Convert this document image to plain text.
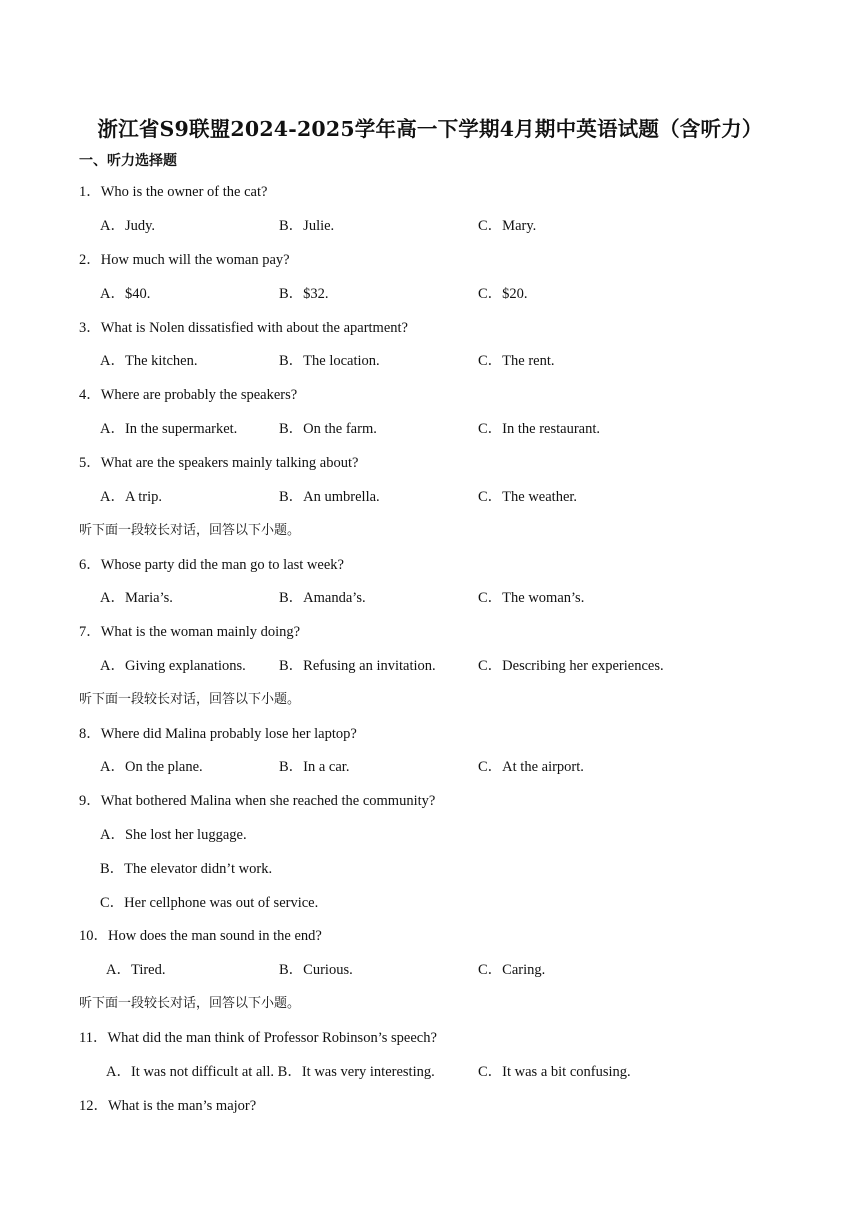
浙江省S9联盟2024-2025学年高一下学期4月期中英语试题（含听力）
一、听力选择题
1．Who is the owner of the cat?
A．Judy.	B．Julie.	C．Mary.
2．How much will the woman pay?
A．$40.	B．$32.	C．$20.
3．What is Nolen dissatisfied with about the apartment?
A．The kitchen.	B．The location.	C．The rent.
4．Where are probably the speakers?
A．In the supermarket.	B．On the farm.	C．In the restaurant.
5．What are the speakers mainly talking about?
A．A trip.	B．An umbrella.	C．The weather.
听下面一段较长对话，回答以下小题。
6．Whose party did the man go to last week?
A．Maria’s.	B．Amanda’s.	C．The woman’s.
7．What is the woman mainly doing?
A．Giving explanations. B．Refusing an invitation.	C．Describing her experiences.
听下面一段较长对话，回答以下小题。
8．Where did Malina probably lose her laptop?
A．On the plane.	B．In a car.	C．At the airport.
9．What bothered Malina when she reached the community?
A．She lost her luggage.
B．The elevator didn’t work.
C．Her cellphone was out of service.
10．How does the man sound in the end?
A．Tired.	B．Curious.	C．Caring.
听下面一段较长对话，回答以下小题。
11．What did the man think of Professor Robinson’s speech?
A．It was not difficult at all. B．It was very interesting.	C．It was a bit confusing.
12．What is the man’s major?
